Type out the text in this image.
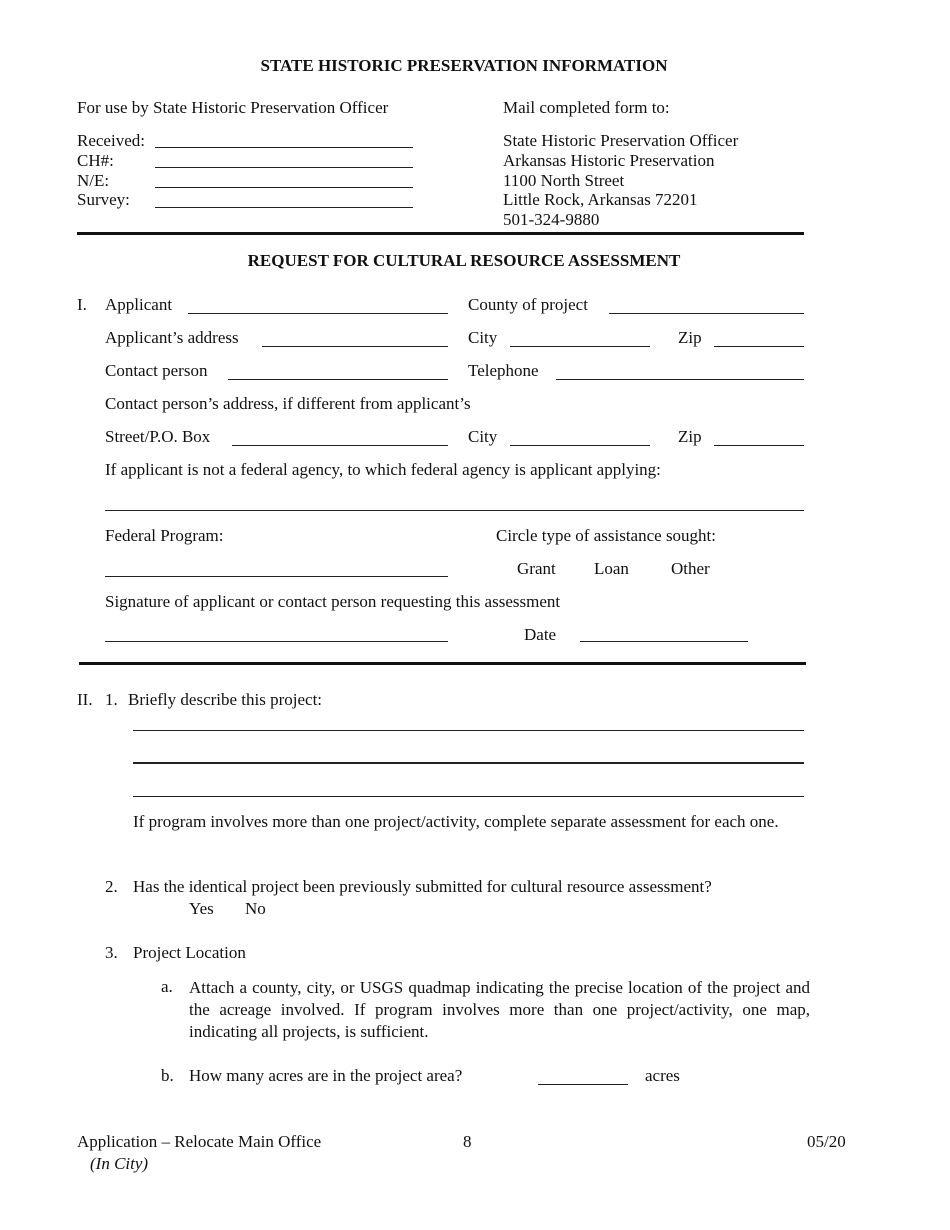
STATE HISTORIC PRESERVATION INFORMATION
For use by State Historic Preservation Officer
Received:
CH#:
N/E:
Survey:
Mail completed form to:
State Historic Preservation Officer
Arkansas Historic Preservation
1100 North Street
Little Rock, Arkansas 72201
501-324-9880
REQUEST FOR CULTURAL RESOURCE ASSESSMENT
I. Applicant	County of project
Applicant’s address	City	Zip
Contact person	Telephone
Contact person’s address, if different from applicant’s
Street/P.O. Box	City	Zip
If applicant is not a federal agency, to which federal agency is applicant applying:
Federal Program:	Circle type of assistance sought:
Grant Loan Other
Signature of applicant or contact person requesting this assessment
Date
II. 1. Briefly describe this project:
If program involves more than one project/activity, complete separate assessment for each one.
2. Has the identical project been previously submitted for cultural resource assessment?
Yes No
3. Project Location
a. Attach a county, city, or USGS quadmap indicating the precise location of the project and the acreage involved. If program involves more than one project/activity, one map, indicating all projects, is sufficient.
b. How many acres are in the project area?	acres
Application – Relocate Main Office
(In City)
8	05/20
